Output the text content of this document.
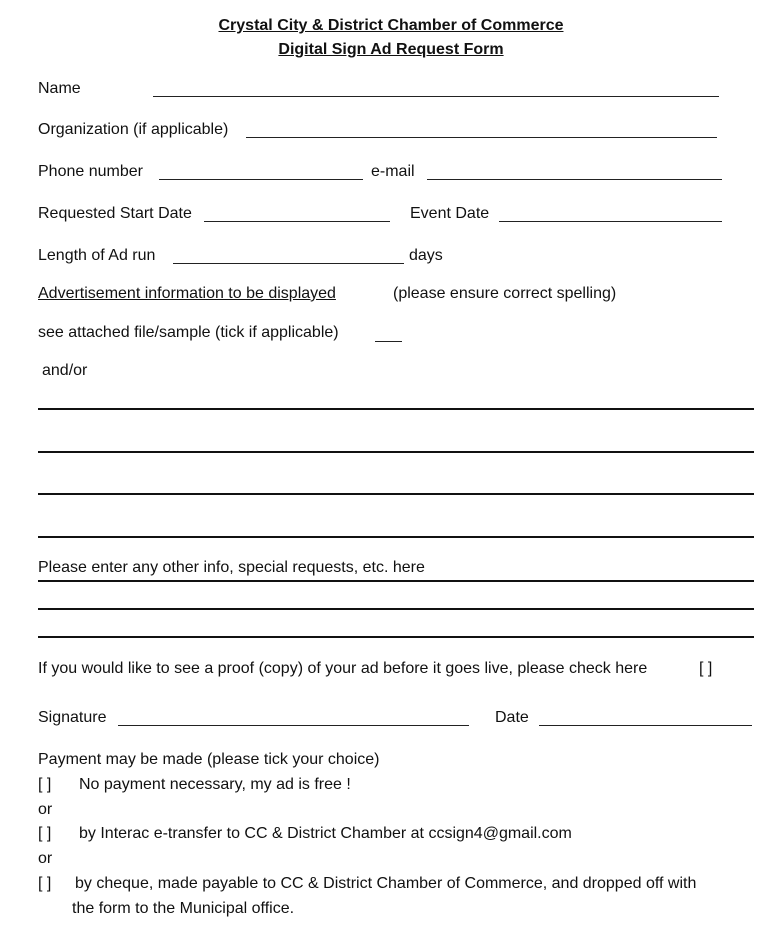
Crystal City & District Chamber of Commerce
Digital Sign Ad Request Form
Name
Organization (if applicable)
Phone number	e-mail
Requested Start Date	Event Date
Length of Ad run	days
Advertisement information to be displayed	(please ensure correct spelling)
see attached file/sample (tick if applicable)
and/or
Please enter any other info, special requests, etc. here
If you would like to see a proof (copy) of your ad before it goes live, please check here	[ ]
Signature	Date
Payment may be made (please tick your choice)
[ ] No payment necessary, my ad is free !
or
[ ] by Interac e-transfer to CC & District Chamber at ccsign4@gmail.com
or
[ ] by cheque, made payable to CC & District Chamber of Commerce, and dropped off with
the form to the Municipal office.
